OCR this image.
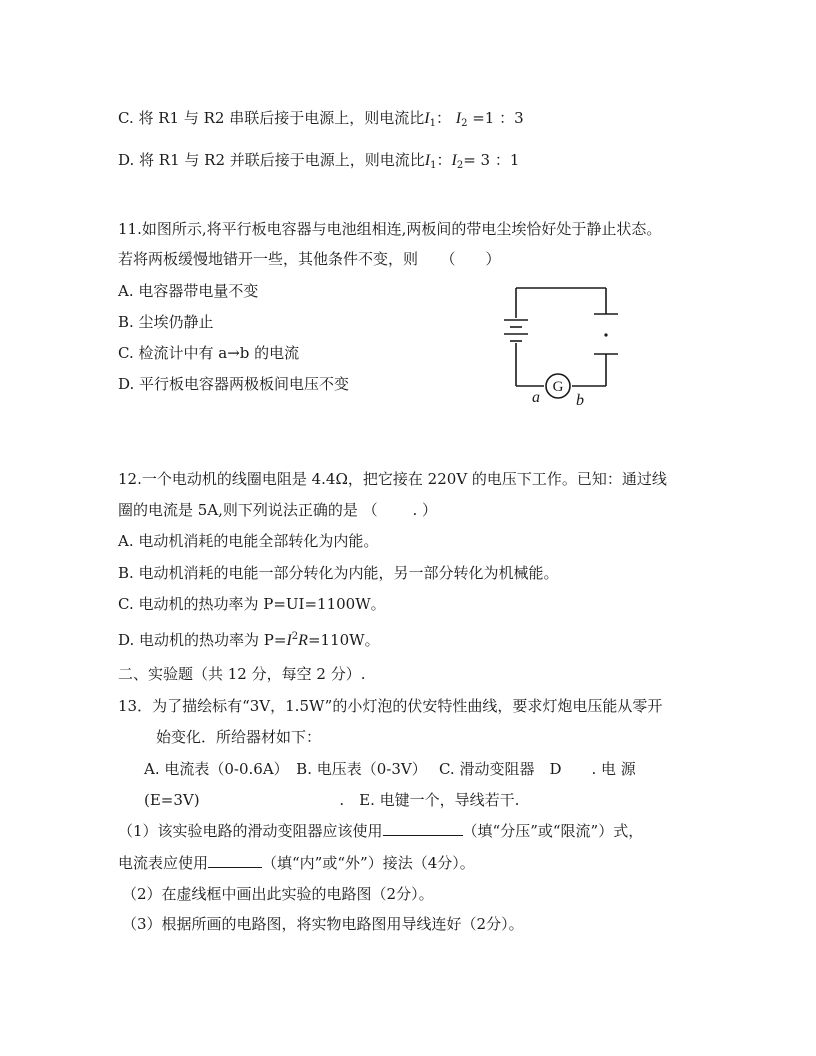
C. 将 R1 与 R2 串联后接于电源上，则电流比$I_1$： $I_2 =1$ ：3
D. 将 R1 与 R2 并联后接于电源上，则电流比$I_1$：$I_2= 3$ ：1
11.如图所示,将平行板电容器与电池组相连,两板间的带电尘埃恰好处于静止状态。
若将两板缓慢地错开一些，其他条件不变，则　　（　　）
A. 电容器带电量不变
B. 尘埃仍静止
C. 检流计中有 a→b 的电流
D. 平行板电容器两极板间电压不变	G
a b
12.一个电动机的线圈电阻是 4.4Ω，把它接在 220V 的电压下工作。已知：通过线
圈的电流是 5A,则下列说法正确的是 （　　 . ）
A. 电动机消耗的电能全部转化为内能。
B. 电动机消耗的电能一部分转化为内能，另一部分转化为机械能。
C. 电动机的热功率为 P=UI=1100W。
D. 电动机的热功率为 $P=I^2R=110W$。
二、实验题（共 12 分，每空 2 分）.
13．为了描绘标有“3V，1.5W”的小灯泡的伏安特性曲线，要求灯炮电压能从零开
始变化．所给器材如下：
A. 电流表（0-0.6A）　B. 电压表（0-3V）　 C. 滑动变阻器　D　　. 电 源
(E=3V)　　　　　　　　　 .　E. 电键一个，导线若干.
（1）该实验电路的滑动变阻器应该使用	（填“分压”或“限流”）式，
电流表应使用	（填“内”或“外”）接法（4分）。
（2）在虚线框中画出此实验的电路图（2分）。
（3）根据所画的电路图，将实物电路图用导线连好（2分）。
